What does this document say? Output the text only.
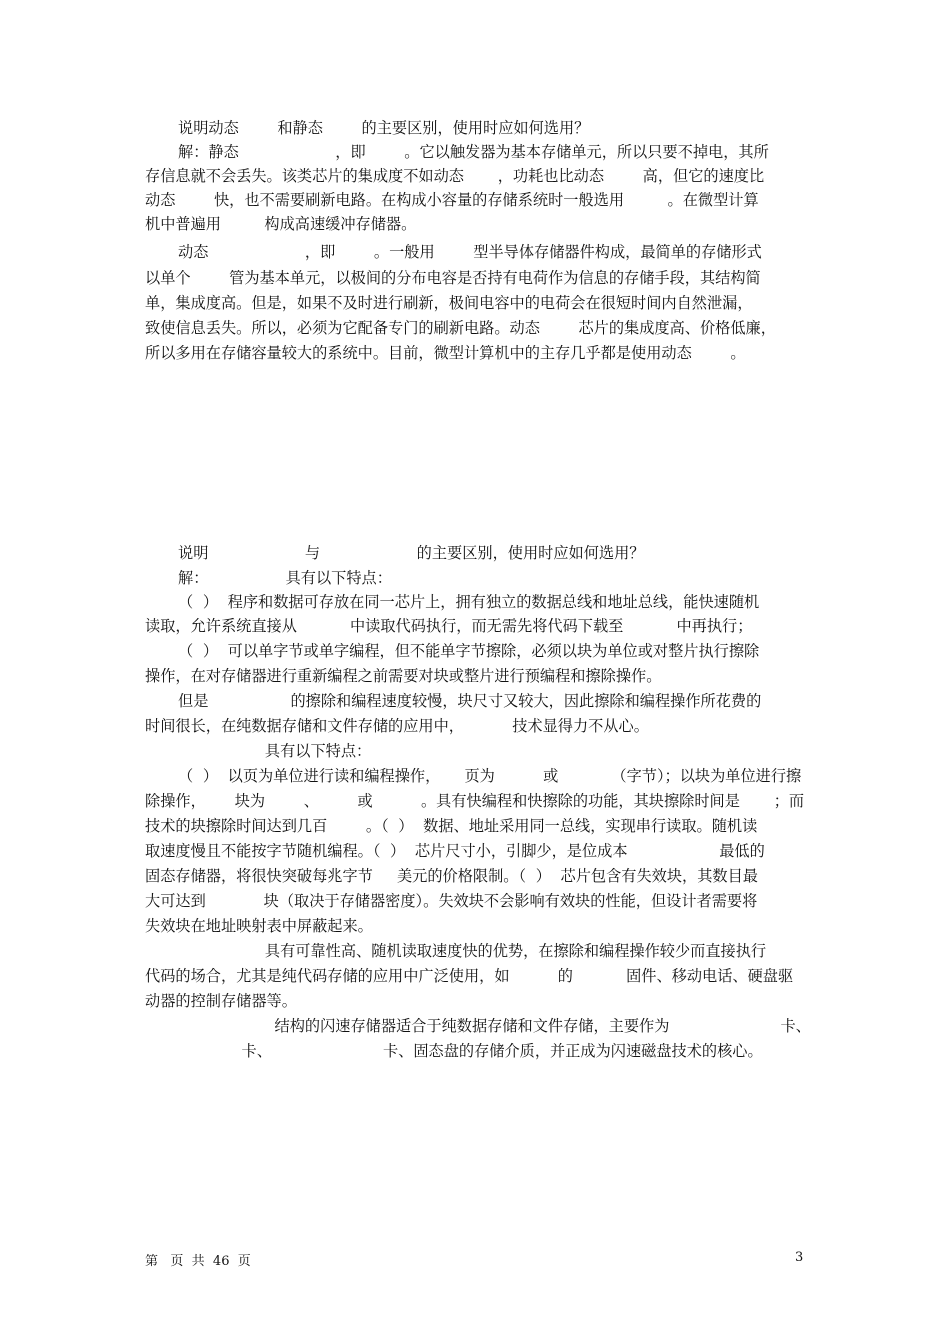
说明动态        和静态        的主要区别，使用时应如何选用？
解：静态                    ，即        。它以触发器为基本存储单元，所以只要不掉电，其所
存信息就不会丢失。该类芯片的集成度不如动态       ，功耗也比动态        高，但它的速度比
动态        快，也不需要刷新电路。在构成小容量的存储系统时一般选用         。在微型计算
机中普遍用         构成高速缓冲存储器。
动态                    ，即        。一般用        型半导体存储器件构成，最简单的存储形式
以单个        管为基本单元，以极间的分布电容是否持有电荷作为信息的存储手段，其结构简
单，集成度高。但是，如果不及时进行刷新，极间电容中的电荷会在很短时间内自然泄漏，
致使信息丢失。所以，必须为它配备专门的刷新电路。动态        芯片的集成度高、价格低廉，
所以多用在存储容量较大的系统中。目前，微型计算机中的主存几乎都是使用动态        。
说明                    与                    的主要区别，使用时应如何选用？
解：                具有以下特点：
（  ）  程序和数据可存放在同一芯片上，拥有独立的数据总线和地址总线，能快速随机
读取，允许系统直接从           中读取代码执行，而无需先将代码下载至           中再执行；
（  ）  可以单字节或单字编程，但不能单字节擦除，必须以块为单位或对整片执行擦除
操作，在对存储器进行重新编程之前需要对块或整片进行预编程和擦除操作。
但是                 的擦除和编程速度较慢，块尺寸又较大，因此擦除和编程操作所花费的
时间很长，在纯数据存储和文件存储的应用中，          技术显得力不从心。
具有以下特点：
（  ）  以页为单位进行读和编程操作，     页为          或           （字节）；以块为单位进行擦
除操作，      块为        、        或          。具有快编程和快擦除的功能，其块擦除时间是       ；而
技术的块擦除时间达到几百        。（  ）  数据、地址采用同一总线，实现串行读取。随机读
取速度慢且不能按字节随机编程。（  ）  芯片尺寸小，引脚少，是位成本                   最低的
固态存储器，将很快突破每兆字节     美元的价格限制。（  ）  芯片包含有失效块，其数目最
大可达到            块（取决于存储器密度）。失效块不会影响有效块的性能，但设计者需要将
失效块在地址映射表中屏蔽起来。
具有可靠性高、随机读取速度快的优势，在擦除和编程操作较少而直接执行
代码的场合，尤其是纯代码存储的应用中广泛使用，如          的           固件、移动电话、硬盘驱
动器的控制存储器等。
结构的闪速存储器适合于纯数据存储和文件存储，主要作为                       卡、
卡、                       卡、固态盘的存储介质，并正成为闪速磁盘技术的核心。
第   页  共  46  页	3
